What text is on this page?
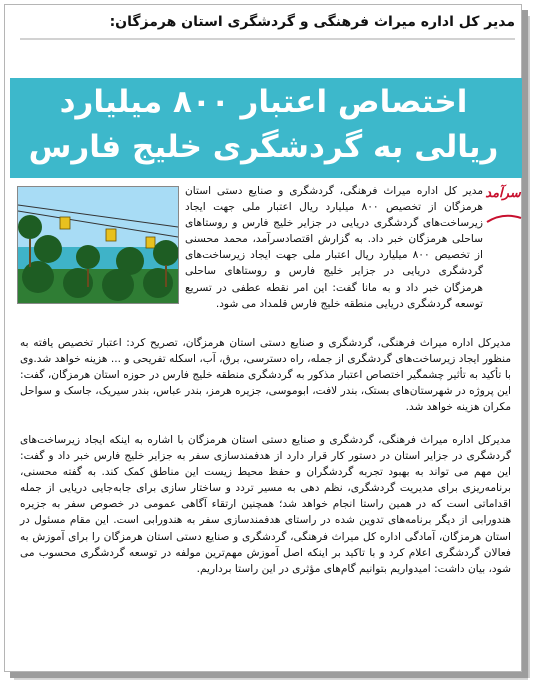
مدیر کل اداره میراث فرهنگی و گردشگری استان هرمزگان:
اختصاص اعتبار ۸۰۰ میلیارد
ریالی به گردشگری خلیج فارس
سرآمد

مدیر کل اداره میراث فرهنگی، گردشگری و صنایع دستی استان هرمزگان از تخصیص ۸۰۰ میلیارد ریال اعتبار ملی جهت ایجاد زیرساخت‌های گردشگری دریایی در جزایر خلیج فارس و روستاهای ساحلی هرمزگان خبر داد. به گزارش اقتصادسرآمد، محمد محسنی از تخصیص ۸۰۰ میلیارد ریال اعتبار ملی جهت ایجاد زیرساخت‌های گردشگری دریایی در جزایر خلیج فارس و روستاهای ساحلی هرمزگان خبر داد و به مانا گفت: این امر نقطه عطفی در تسریع توسعه گردشگری دریایی منطقه خلیج فارس قلمداد می شود.

مدیرکل اداره میراث فرهنگی، گردشگری و صنایع دستی استان هرمزگان، تصریح کرد: اعتبار تخصیص یافته به منظور ایجاد زیرساخت‌های گردشگری از جمله، راه دسترسی، برق، آب، اسکله تفریحی و ... هزینه خواهد شد.وی با تأکید به تأثیر چشمگیر اختصاص اعتبار مذکور به گردشگری منطقه خلیج فارس در حوزه استان هرمزگان، گفت: این پروژه در شهرستان‌های بستک، بندر لافت، ابوموسی، جزیره هرمز، بندر عباس، بندر سیریک، جاسک و سواحل مکران هزینه خواهد شد.

مدیرکل اداره میراث فرهنگی، گردشگری و صنایع دستی استان هرمزگان با اشاره به اینکه ایجاد زیرساخت‌های گردشگری در جزایر استان در دستور کار قرار دارد از هدفمندسازی سفر به جزایر خلیج فارس خبر داد و گفت: این مهم می تواند به بهبود تجربه گردشگران و حفظ محیط زیست این مناطق کمک کند. به گفته محسنی، برنامه‌ریزی برای مدیریت گردشگری، نظم دهی به مسیر تردد و ساختار سازی برای جابه‌جایی دریایی از جمله اقداماتی است که در همین راستا انجام خواهد شد؛ همچنین ارتقاء آگاهی عمومی در خصوص سفر به جزیره هندورابی از دیگر برنامه‌های تدوین شده در راستای هدفمندسازی سفر به هندورابی است. این مقام مسئول در استان هرمزگان، آمادگی اداره کل میراث فرهنگی، گردشگری و صنایع دستی استان هرمزگان را برای آموزش به فعالان گردشگری اعلام کرد و با تاکید بر اینکه اصل آموزش مهم‌ترین مولفه در توسعه گردشگری محسوب می شود، بیان داشت: امیدواریم بتوانیم گام‌های مؤثری در این راستا برداریم.
